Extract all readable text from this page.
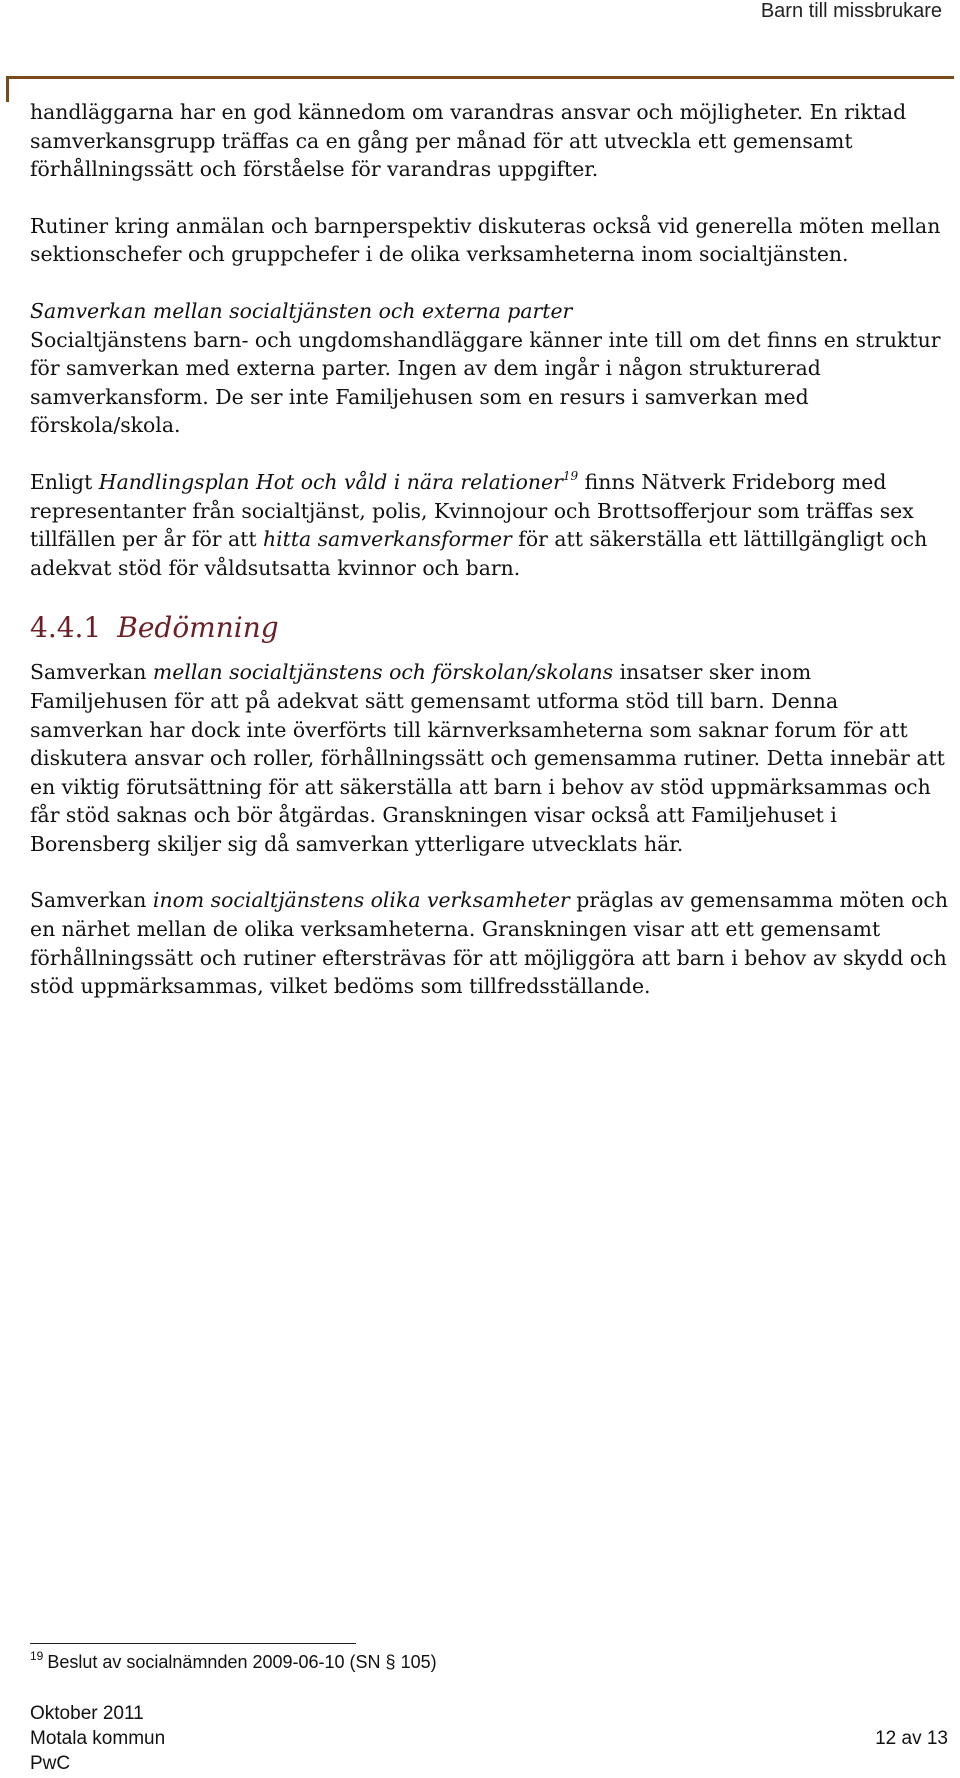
Barn till missbrukare

handläggarna har en god kännedom om varandras ansvar och möjligheter. En riktad samverkansgrupp träffas ca en gång per månad för att utveckla ett gemensamt förhållningssätt och förståelse för varandras uppgifter.

Rutiner kring anmälan och barnperspektiv diskuteras också vid generella möten mellan sektionschefer och gruppchefer i de olika verksamheterna inom socialtjänsten.

Samverkan mellan socialtjänsten och externa parter

Socialtjänstens barn- och ungdomshandläggare känner inte till om det finns en struktur för samverkan med externa parter. Ingen av dem ingår i någon strukturerad samverkansform. De ser inte Familjehusen som en resurs i samverkan med förskola/skola.

Enligt Handlingsplan Hot och våld i nära relationer$^{19}$ finns Nätverk Frideborg med representanter från socialtjänst, polis, Kvinnojour och Brottsofferjour som träffas sex tillfällen per år för att hitta samverkansformer för att säkerställa ett lättillgängligt och adekvat stöd för våldsutsatta kvinnor och barn.

4.4.1 Bedömning

Samverkan mellan socialtjänstens och förskolan/skolans insatser sker inom Familjehusen för att på adekvat sätt gemensamt utforma stöd till barn. Denna samverkan har dock inte överförts till kärnverksamheterna som saknar forum för att diskutera ansvar och roller, förhållningssätt och gemensamma rutiner. Detta innebär att en viktig förutsättning för att säkerställa att barn i behov av stöd uppmärksammas och får stöd saknas och bör åtgärdas. Granskningen visar också att Familjehuset i Borensberg skiljer sig då samverkan ytterligare utvecklats här.

Samverkan inom socialtjänstens olika verksamheter präglas av gemensamma möten och en närhet mellan de olika verksamheterna. Granskningen visar att ett gemensamt förhållningssätt och rutiner eftersträvas för att möjliggöra att barn i behov av skydd och stöd uppmärksammas, vilket bedöms som tillfredsställande.

$^{19}$ Beslut av socialnämnden 2009-06-10 (SN § 105)
Oktober 2011
Motala kommun	12 av 13
PwC
